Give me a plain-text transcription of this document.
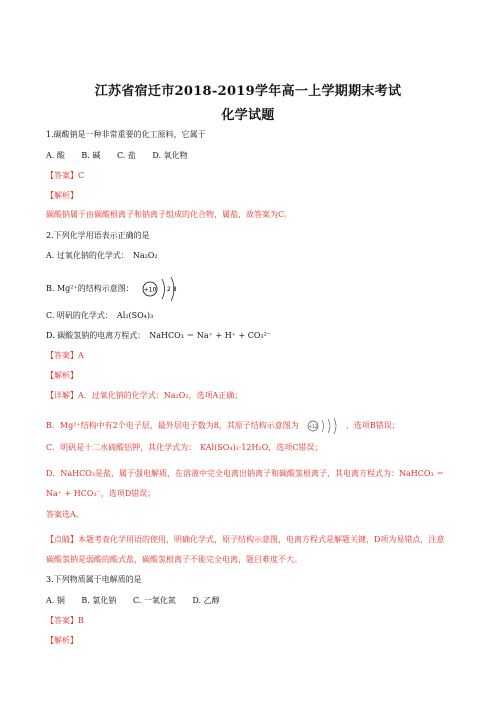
江苏省宿迁市2018-2019学年高一上学期期末考试
化学试题
1.碳酸钠是一种非常重要的化工原料，它属于
A. 酸 B. 碱 C. 盐 D. 氧化物
【答案】C
【解析】
碳酸钠属于由碳酸根离子和钠离子组成的化合物，属盐，故答案为C。
2.下列化学用语表示正确的是
A. 过氧化钠的化学式：　Na₂O₂
B. Mg²⁺的结构示意图： +10 2 8
C. 明矾的化学式：　Al₂(SO₄)₃
D. 碳酸氢钠的电离方程式：　NaHCO₃ ＝ Na⁺ + H⁺ + CO₃²⁻
【答案】A
【解析】
【详解】A．过氧化钠的化学式：Na₂O₂，选项A正确；
B．Mg²⁺结构中有2个电子层，最外层电子数为8，其原子结构示意图为 +12	，选项B错误；
C．明矾是十二水硫酸铝钾，其化学式为：　KAl(SO₄)₂·12H₂O，选项C错误；
D．NaHCO₃是盐，属于强电解质，在溶液中完全电离出钠离子和碳酸氢根离子，其电离方程式为：NaHCO₃ ＝ Na⁺ + HCO₃⁻，选项D错误；
答案选A。
【点睛】本题考查化学用语的使用，明确化学式，原子结构示意图，电离方程式是解题关键，D项为易错点，注意碳酸氢钠是弱酸的酸式盐，碳酸氢根离子不能完全电离，题目难度不大。
3.下列物质属于电解质的是
A. 铜 B. 氯化钠 C. 一氧化氮 D. 乙醇
【答案】B
【解析】
